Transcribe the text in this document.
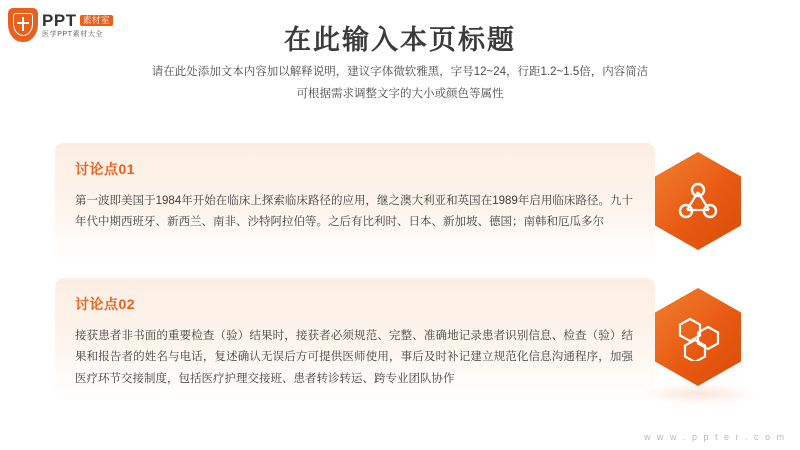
PPT 素材室
医学PPT素材大全	在此输入本页标题
请在此处添加文本内容加以解释说明，建议字体微软雅黑，字号12~24，行距1.2~1.5倍，内容简洁
可根据需求调整文字的大小或颜色等属性
讨论点01
第一波即美国于1984年开始在临床上探索临床路径的应用，继之澳大利亚和英国在1989年启用临床路径。九十年代中期西班牙、新西兰、南非、沙特阿拉伯等。之后有比利时、日本、新加坡、德国；南韩和厄瓜多尔
讨论点02
接获患者非书面的重要检查（验）结果时，接获者必须规范、完整、准确地记录患者识别信息、检查（验）结果和报告者的姓名与电话，复述确认无误后方可提供医师使用，事后及时补记建立规范化信息沟通程序，加强医疗环节交接制度，包括医疗护理交接班、患者转诊转运、跨专业团队协作
w w w . p p t e r . c o m
